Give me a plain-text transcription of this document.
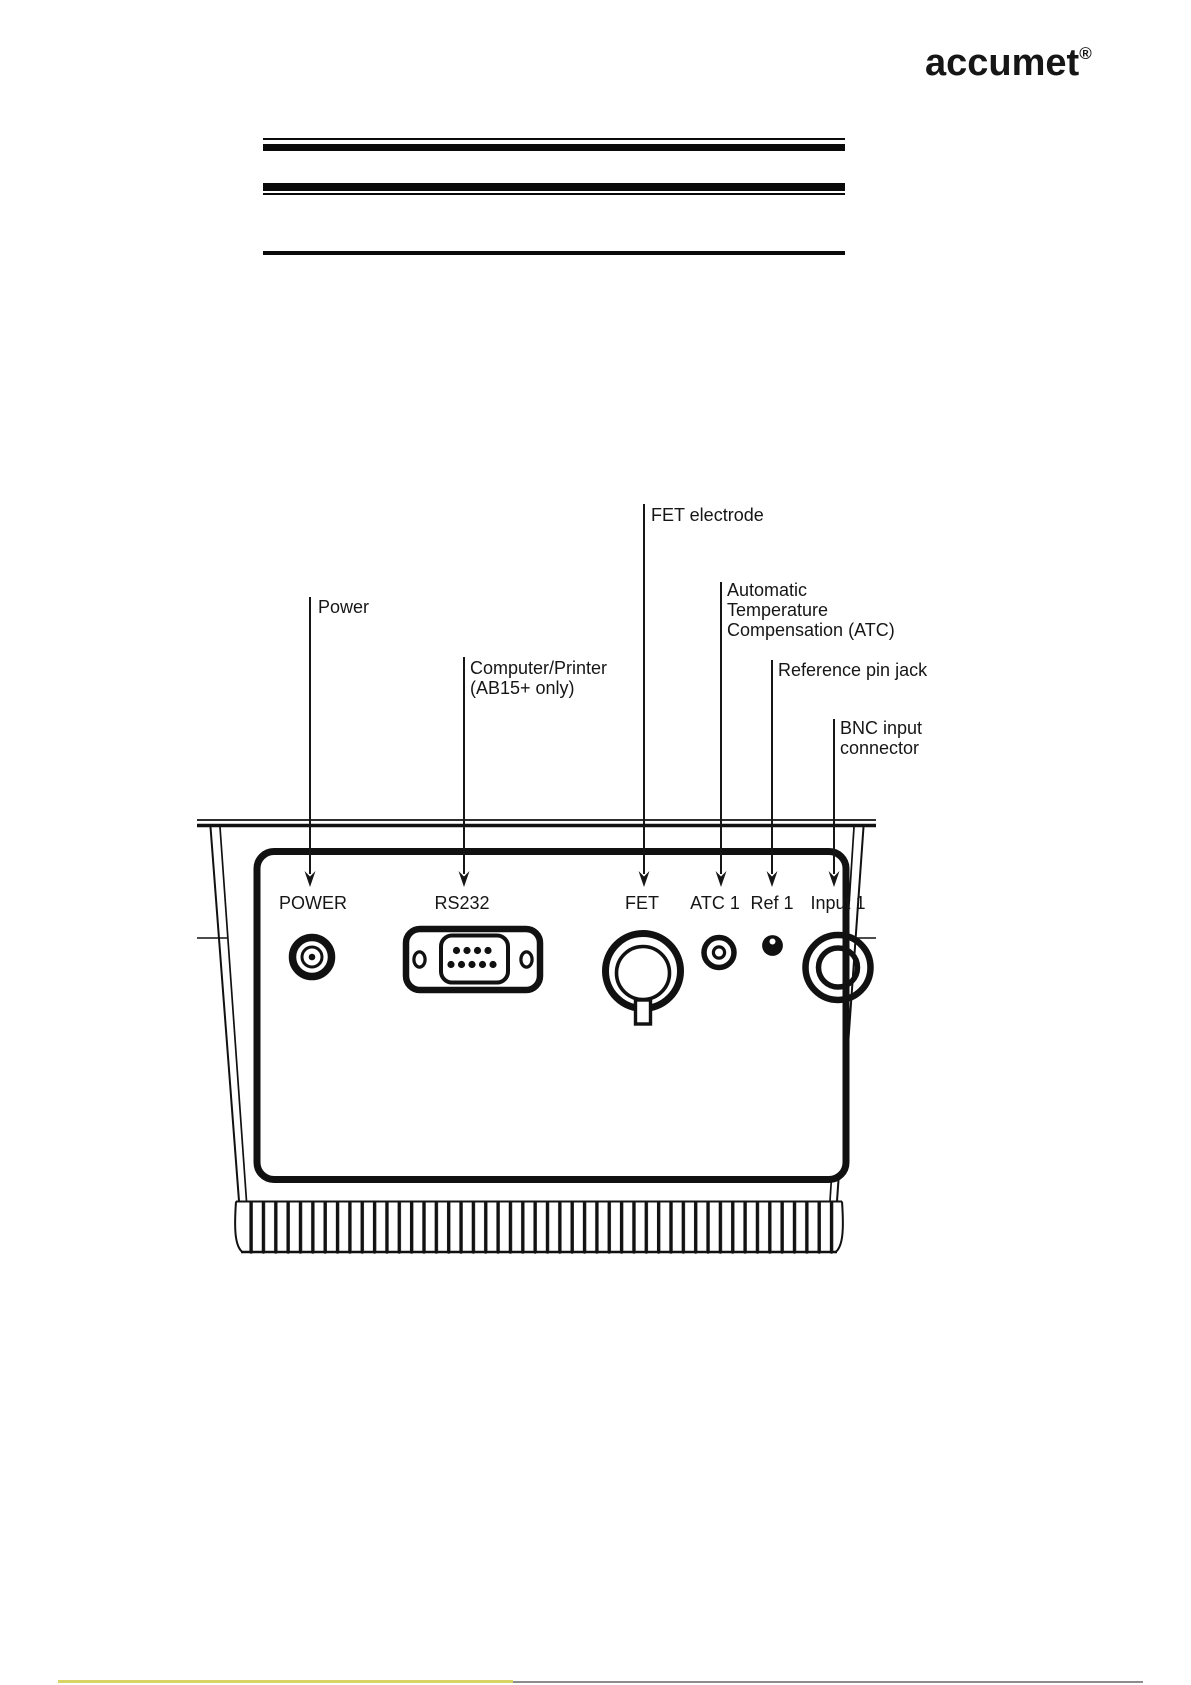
accumet®
Power
Computer/Printer
(AB15+ only)
FET electrode
Automatic
Temperature
Compensation (ATC)
Reference pin jack
BNC input
connector
POWER	RS232	FET ATC 1 Ref 1 Input 1
